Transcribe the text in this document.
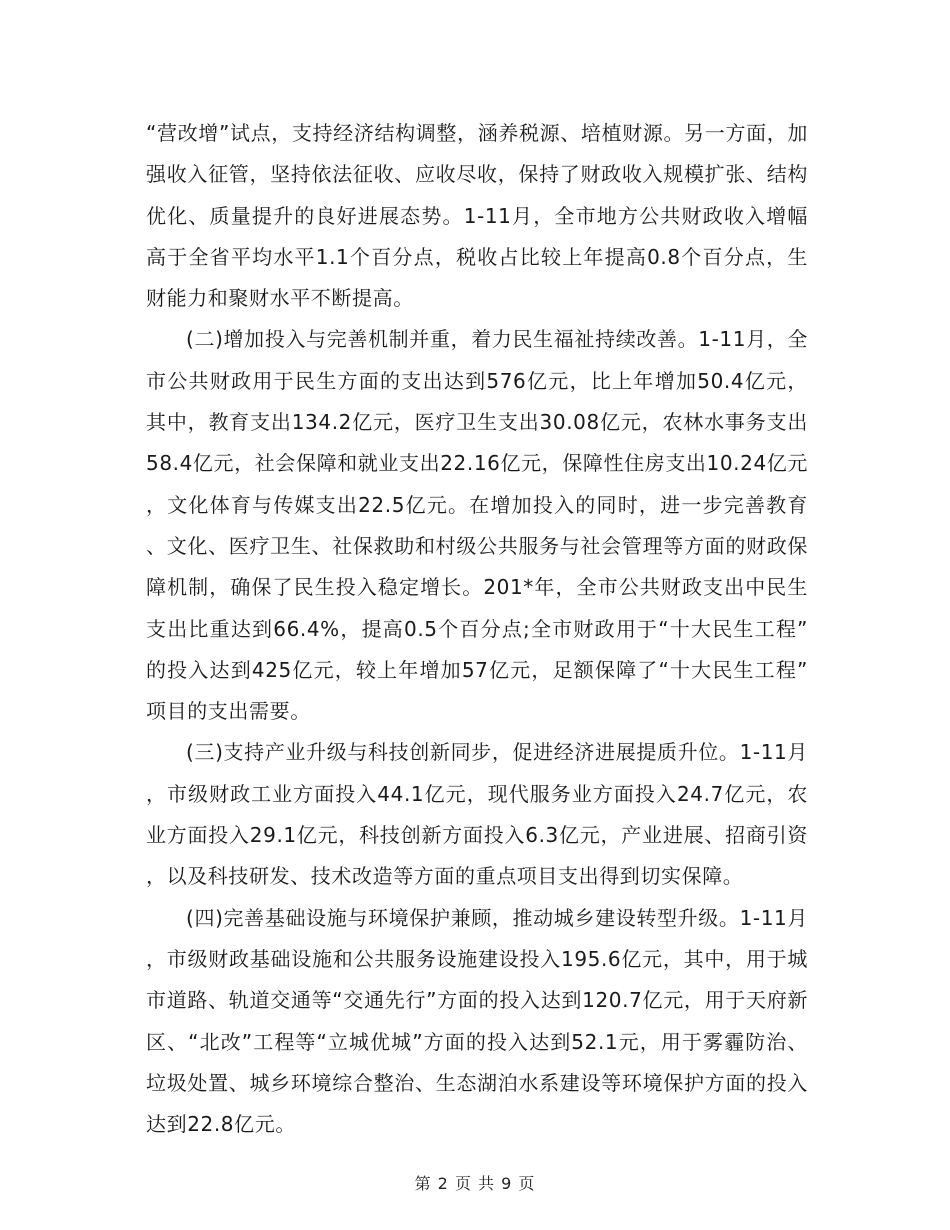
“营改增”试点，支持经济结构调整，涵养税源、培植财源。另一方面，加强收入征管，坚持依法征收、应收尽收，保持了财政收入规模扩张、结构优化、质量提升的良好进展态势。1-11月，全市地方公共财政收入增幅高于全省平均水平1.1个百分点，税收占比较上年提高0.8个百分点，生财能力和聚财水平不断提高。

(二)增加投入与完善机制并重，着力民生福祉持续改善。1-11月，全市公共财政用于民生方面的支出达到576亿元，比上年增加50.4亿元，其中，教育支出134.2亿元，医疗卫生支出30.08亿元，农林水事务支出58.4亿元，社会保障和就业支出22.16亿元，保障性住房支出10.24亿元，文化体育与传媒支出22.5亿元。在增加投入的同时，进一步完善教育、文化、医疗卫生、社保救助和村级公共服务与社会管理等方面的财政保障机制，确保了民生投入稳定增长。201*年，全市公共财政支出中民生支出比重达到66.4%，提高0.5个百分点;全市财政用于“十大民生工程”的投入达到425亿元，较上年增加57亿元，足额保障了“十大民生工程”项目的支出需要。

(三)支持产业升级与科技创新同步，促进经济进展提质升位。1-11月，市级财政工业方面投入44.1亿元，现代服务业方面投入24.7亿元，农业方面投入29.1亿元，科技创新方面投入6.3亿元，产业进展、招商引资，以及科技研发、技术改造等方面的重点项目支出得到切实保障。

(四)完善基础设施与环境保护兼顾，推动城乡建设转型升级。1-11月，市级财政基础设施和公共服务设施建设投入195.6亿元，其中，用于城市道路、轨道交通等“交通先行”方面的投入达到120.7亿元，用于天府新区、“北改”工程等“立城优城”方面的投入达到52.1元，用于雾霾防治、垃圾处置、城乡环境综合整治、生态湖泊水系建设等环境保护方面的投入达到22.8亿元。

第 2 页 共 9 页
